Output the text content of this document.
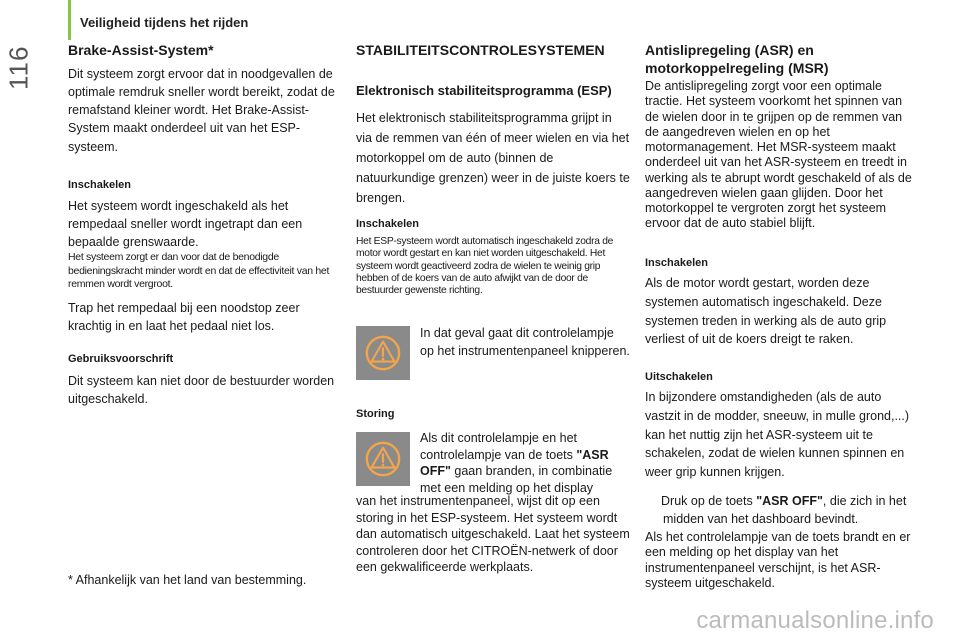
Veiligheid tijdens het rijden
116 Brake-Assist-System*

Dit systeem zorgt ervoor dat in noodgevallen de optimale remdruk sneller wordt bereikt, zodat de remafstand kleiner wordt. Het Brake-Assist-System maakt onderdeel uit van het ESP-systeem.

Inschakelen

Het systeem wordt ingeschakeld als het rempedaal sneller wordt ingetrapt dan een bepaalde grenswaarde.

Het systeem zorgt er dan voor dat de benodigde bedieningskracht minder wordt en dat de effectiviteit van het remmen wordt vergroot.

Trap het rempedaal bij een noodstop zeer krachtig in en laat het pedaal niet los.

Gebruiksvoorschrift

Dit systeem kan niet door de bestuurder worden uitgeschakeld.

* Afhankelijk van het land van bestemming.

STABILITEITSCONTROLESYSTEMEN
Elektronisch stabiliteitsprogramma (ESP)

Het elektronisch stabiliteitsprogramma grijpt in via de remmen van één of meer wielen en via het motorkoppel om de auto (binnen de natuurkundige grenzen) weer in de juiste koers te brengen.

Inschakelen

Het ESP-systeem wordt automatisch ingeschakeld zodra de motor wordt gestart en kan niet worden uitgeschakeld. Het systeem wordt geactiveerd zodra de wielen te weinig grip hebben of de koers van de auto afwijkt van de door de bestuurder gewenste richting.

In dat geval gaat dit controlelampje op het instrumentenpaneel knipperen.

Storing

Als dit controlelampje en het controlelampje van de toets "ASR OFF" gaan branden, in combinatie met een melding op het display

van het instrumentenpaneel, wijst dit op een storing in het ESP-systeem. Het systeem wordt dan automatisch uitgeschakeld. Laat het systeem controleren door het CITROËN-netwerk of door een gekwalificeerde werkplaats.

Antislipregeling (ASR) en motorkoppelregeling (MSR)

De antislipregeling zorgt voor een optimale tractie. Het systeem voorkomt het spinnen van de wielen door in te grijpen op de remmen van de aangedreven wielen en op het motormanagement. Het MSR-systeem maakt onderdeel uit van het ASR-systeem en treedt in werking als te abrupt wordt geschakeld of als de aangedreven wielen gaan glijden. Door het motorkoppel te vergroten zorgt het systeem ervoor dat de auto stabiel blijft.

Inschakelen

Als de motor wordt gestart, worden deze systemen automatisch ingeschakeld. Deze systemen treden in werking als de auto grip verliest of uit de koers dreigt te raken.

Uitschakelen

In bijzondere omstandigheden (als de auto vastzit in de modder, sneeuw, in mulle grond,...) kan het nuttig zijn het ASR-systeem uit te schakelen, zodat de wielen kunnen spinnen en weer grip kunnen krijgen.

Druk op de toets "ASR OFF", die zich in het midden van het dashboard bevindt.

Als het controlelampje van de toets brandt en er een melding op het display van het instrumentenpaneel verschijnt, is het ASR-systeem uitgeschakeld.

carmanualsonline.info
